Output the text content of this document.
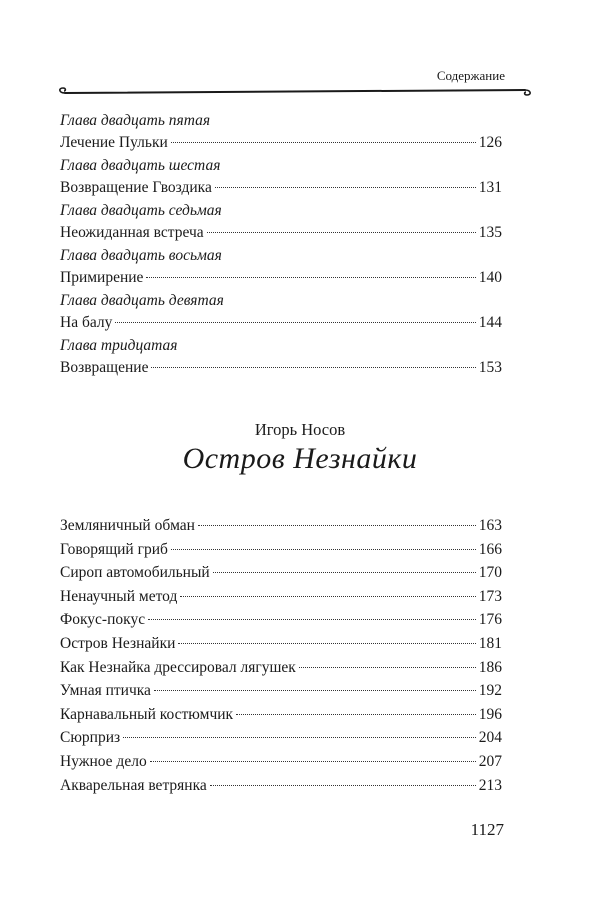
Содержание
Глава двадцать пятая
Лечение Пульки	126
Глава двадцать шестая
Возвращение Гвоздика	131
Глава двадцать седьмая
Неожиданная встреча	135
Глава двадцать восьмая
Примирение	140
Глава двадцать девятая
На балу	144
Глава тридцатая
Возвращение	153
Игорь Носов
Остров Незнайки
Земляничный обман	163
Говорящий гриб	166
Сироп автомобильный	170
Ненаучный метод	173
Фокус-покус	176
Остров Незнайки	181
Как Незнайка дрессировал лягушек	186
Умная птичка	192
Карнавальный костюмчик	196
Сюрприз	204
Нужное дело	207
Акварельная ветрянка	213
1127
